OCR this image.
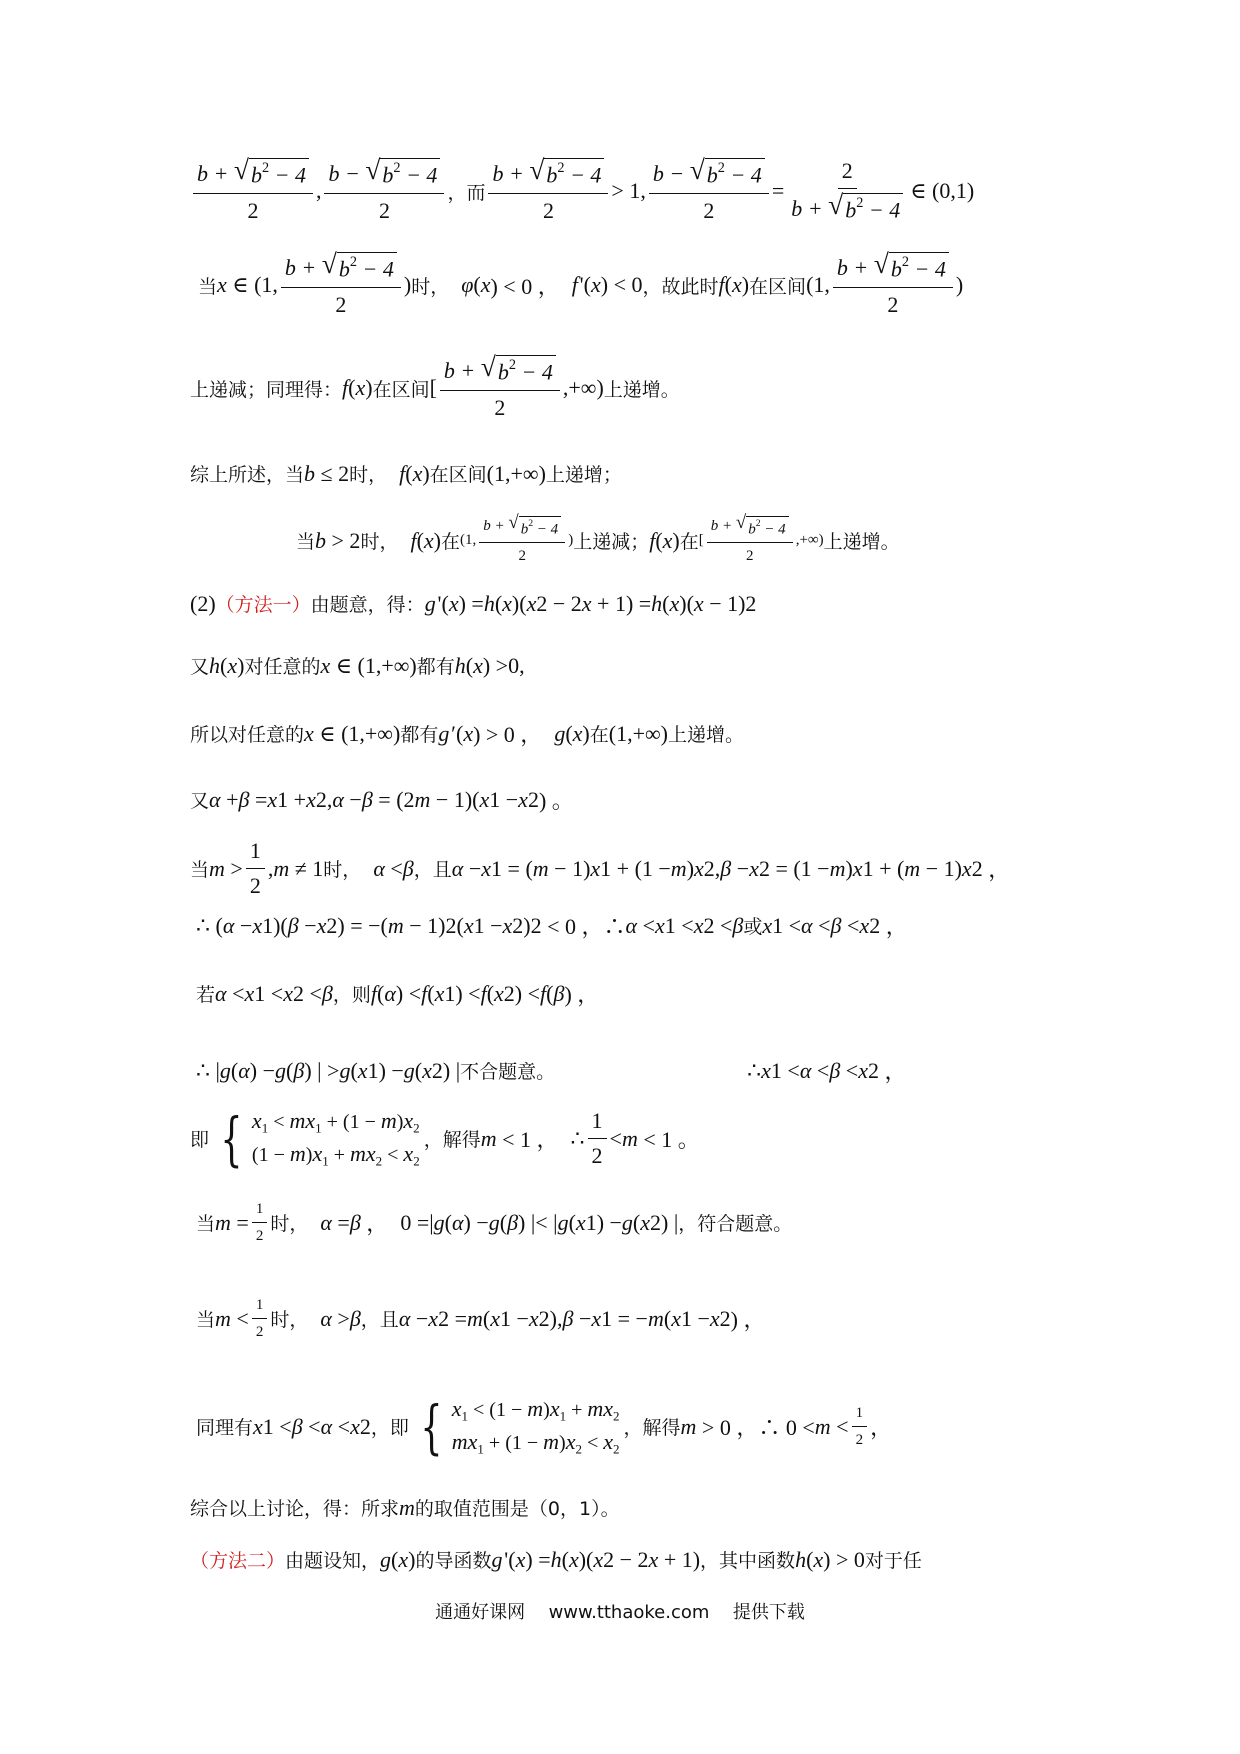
$\frac{b + √ b^2 - 4}{2}$ , $\frac{b - √ b^2 - 4}{2}$ ，而 $\frac{b + √ b^2 - 4}{2} > 1$, $\frac{b - √ b^2 - 4}{2} = \frac{2}{b + √ b^2 - 4}$ ∈ (0,1)
当 x ∈ (1, $\frac{b + √ b^2 - 4}{2}$ ) 时， φ ( x ) < 0 ， f  '( x ) < 0 ，故此时 f ( x ) 在区间 (1, $\frac{b + √ b^2 - 4}{2}$ )
上递减；同理得： f ( x ) 在区间 [ $\frac{b + √ b^2 - 4}{2}$ ,+∞) 上递增。
综上所述，当 b ≤ 2 时， f ( x ) 在区间 (1,+∞) 上递增；
当 b > 2 时， f ( x ) 在 (1, $\frac{b + √ b^2 - 4}{2}$ ) 上递减； f ( x ) 在 [ $\frac{b + √ b^2 - 4}{2}$ ,+∞) 上递增。
(2) （方法一） 由题意，得： g  '( x ) = h ( x )( x 2 − 2 x + 1) = h ( x )( x − 1) 2
又 h ( x ) 对任意的 x ∈ (1,+∞) 都有 h ( x ) >0,
所以对任意的 x ∈ (1,+∞) 都有 g  ′( x ) > 0 ， g ( x ) 在 (1,+∞) 上递增。
又 α + β = x 1 + x 2 , α − β = (2 m − 1)( x 1 − x 2 ) 。
当 $m > \frac{1}{2}$ , m ≠ 1 时， α < β ，且 α − x 1 = ( m − 1) x 1 + (1 − m ) x 2 , β − x 2 = (1 − m ) x 1 + ( m − 1) x 2 ，
∴ ( α − x 1 )( β − x 2 ) = −( m − 1) 2 ( x 1 − x 2 ) 2 < 0 ，∴ α < x 1 < x 2 < β 或 x 1 < α < β < x 2 ，
若 α < x 1 < x 2 < β ，则 f ( α ) < f ( x 1 ) < f ( x 2 ) < f ( β ) ，
∴ | g ( α ) − g ( β ) | > g ( x 1 ) − g ( x 2 ) | 不合题意。	∴ x 1 < α < β < x 2 ，
即 { $x_1 < mx_1 + (1 - m)x_2$
$(1 - m)x_1 + mx_2 < x_2$
，解得 m < 1 ， ∴ $\frac{1}{2} < m < 1$ 。
当 $m = \frac{1}{2}$ 时， α = β ， 0 =| g ( α ) − g ( β ) |< | g ( x 1 ) − g ( x 2 ) | ，符合题意。
当 $m < \frac{1}{2}$ 时， α > β ，且 α − x 2 = m ( x 1 − x 2 ), β − x 1 = − m ( x 1 − x 2 ) ，
同理有 x 1 < β < α < x 2 ，即 { $x_1 < (1 - m)x_1 + mx_2$
$mx_1 + (1 - m)x_2 < x_2$
，解得 m > 0 ，∴ $0 < m < \frac{1}{2}$ ，
综合以上讨论，得：所求 m 的取值范围是（0，1）。
（方法二） 由题设知， g ( x ) 的导函数 g  '( x ) = h ( x )( x 2 − 2 x + 1) ，其中函数 h ( x ) > 0 对于任
通通好课网 www.tthaoke.com 提供下载
